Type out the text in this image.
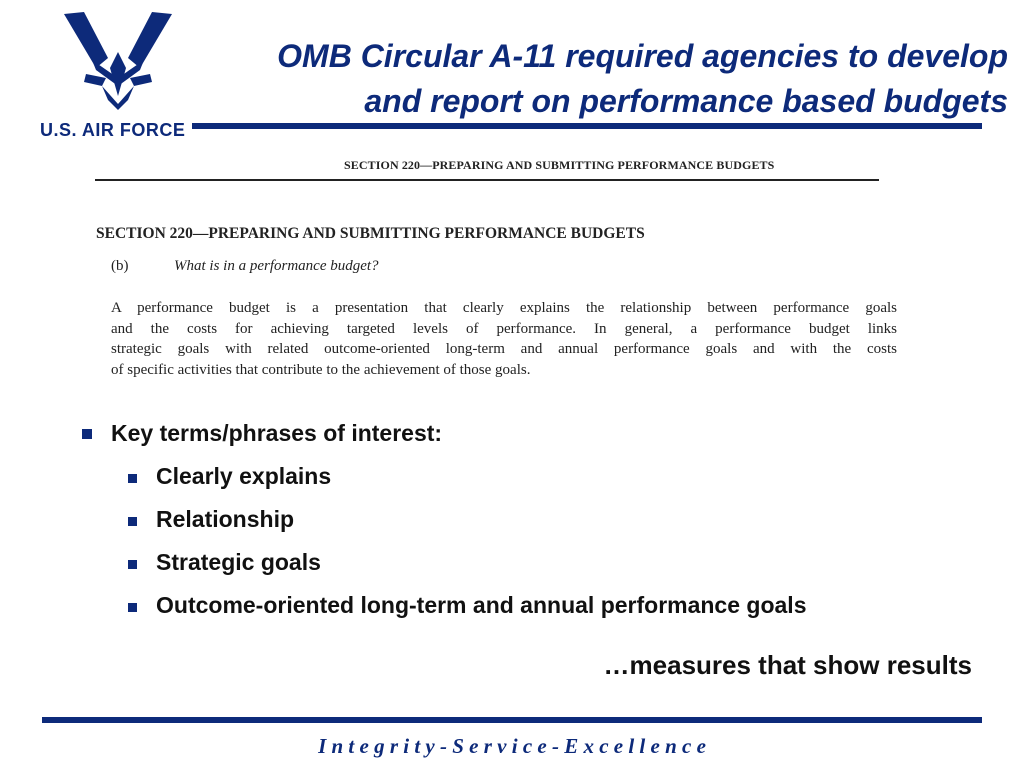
U.S. AIR FORCE
OMB Circular A-11 required agencies to develop
and report on performance based budgets
SECTION 220—PREPARING AND SUBMITTING PERFORMANCE BUDGETS
SECTION 220—PREPARING AND SUBMITTING PERFORMANCE BUDGETS
(b)	What is in a performance budget?
A performance budget is a presentation that clearly explains the relationship between performance goals
and the costs for achieving targeted levels of performance. In general, a performance budget links
strategic goals with related outcome-oriented long-term and annual performance goals and with the costs
of specific activities that contribute to the achievement of those goals.
Key terms/phrases of interest:
Clearly explains
Relationship
Strategic goals
Outcome-oriented long-term and annual performance goals
…measures that show results
I n t e g r i t y - S e r v i c e - E x c e l l e n c e
